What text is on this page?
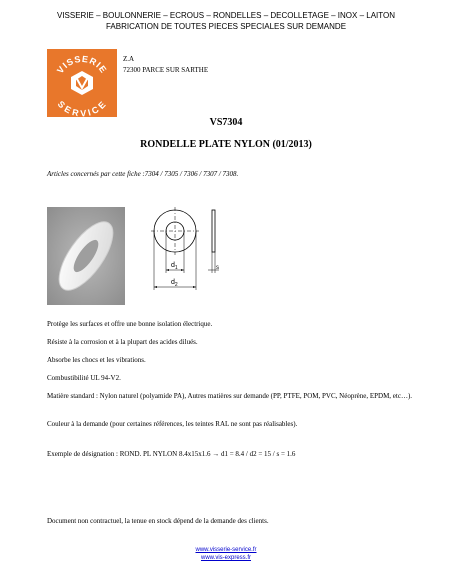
VISSERIE – BOULONNERIE – ECROUS – RONDELLES – DECOLLETAGE – INOX – LAITON
FABRICATION DE TOUTES PIECES SPECIALES SUR DEMANDE
VISSERIE
SERVICE
Z.A
72300 PARCE SUR SARTHE
VS7304
RONDELLE PLATE NYLON (01/2013)
Articles concernés par cette fiche :7304 / 7305 / 7306 / 7307 / 7308.
$d_1$
$d_2$
s
Protège les surfaces et offre une bonne isolation électrique.
Résiste à la corrosion et à la plupart des acides dilués.
Absorbe les chocs et les vibrations.
Combustibilité UL 94-V2.
Matière standard : Nylon naturel (polyamide PA), Autres matières sur demande (PP, PTFE, POM, PVC, Néoprène, EPDM, etc…).
Couleur à la demande (pour certaines références, les teintes RAL ne sont pas réalisables).
Exemple de désignation : ROND. PL NYLON 8.4x15x1.6 → d1 = 8.4 / d2 = 15 / s = 1.6
Document non contractuel, la tenue en stock dépend de la demande des clients.
www.visserie-service.fr
www.vis-express.fr
